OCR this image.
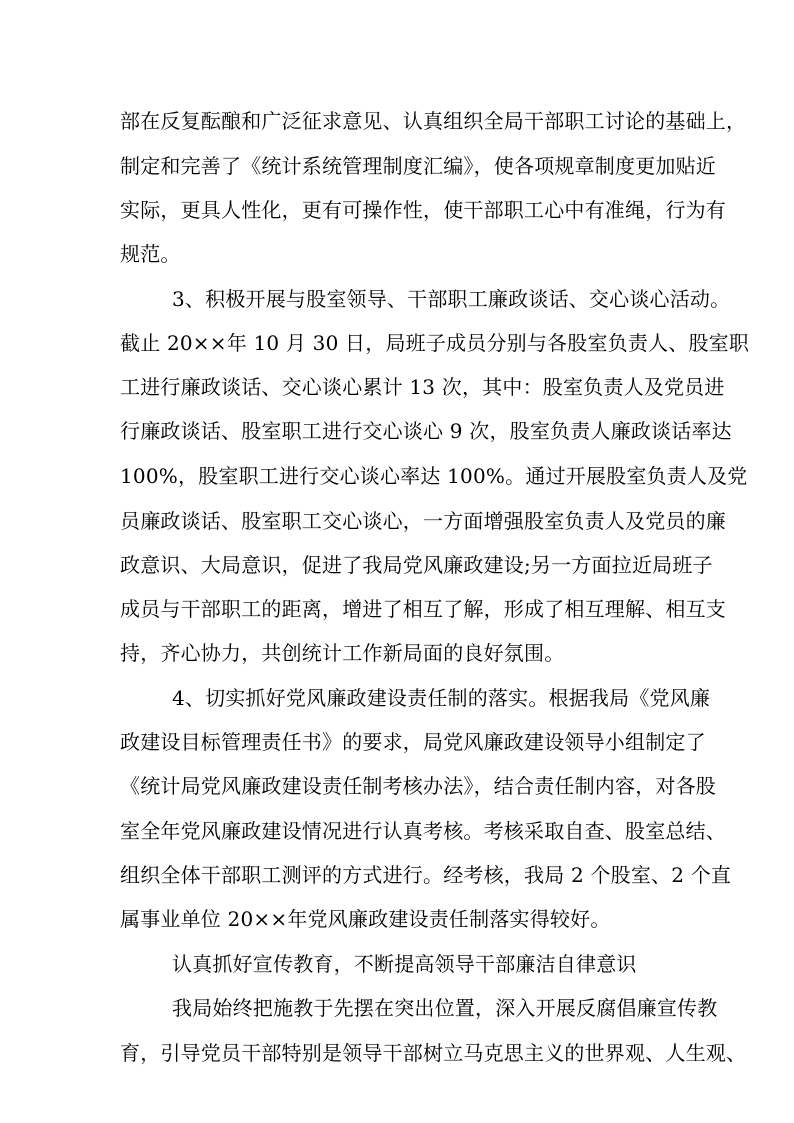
部在反复酝酿和广泛征求意见、认真组织全局干部职工讨论的基础上，
制定和完善了《统计系统管理制度汇编》，使各项规章制度更加贴近
实际，更具人性化，更有可操作性，使干部职工心中有准绳，行为有
规范。
3、积极开展与股室领导、干部职工廉政谈话、交心谈心活动。
截止 20××年 10 月 30 日，局班子成员分别与各股室负责人、股室职
工进行廉政谈话、交心谈心累计 13 次，其中：股室负责人及党员进
行廉政谈话、股室职工进行交心谈心 9 次，股室负责人廉政谈话率达
100%，股室职工进行交心谈心率达 100%。通过开展股室负责人及党
员廉政谈话、股室职工交心谈心，一方面增强股室负责人及党员的廉
政意识、大局意识，促进了我局党风廉政建设;另一方面拉近局班子
成员与干部职工的距离，增进了相互了解，形成了相互理解、相互支
持，齐心协力，共创统计工作新局面的良好氛围。
4、切实抓好党风廉政建设责任制的落实。根据我局《党风廉
政建设目标管理责任书》的要求，局党风廉政建设领导小组制定了
《统计局党风廉政建设责任制考核办法》，结合责任制内容，对各股
室全年党风廉政建设情况进行认真考核。考核采取自查、股室总结、
组织全体干部职工测评的方式进行。经考核，我局 2 个股室、2 个直
属事业单位 20××年党风廉政建设责任制落实得较好。
认真抓好宣传教育，不断提高领导干部廉洁自律意识
我局始终把施教于先摆在突出位置，深入开展反腐倡廉宣传教
育，引导党员干部特别是领导干部树立马克思主义的世界观、人生观、
